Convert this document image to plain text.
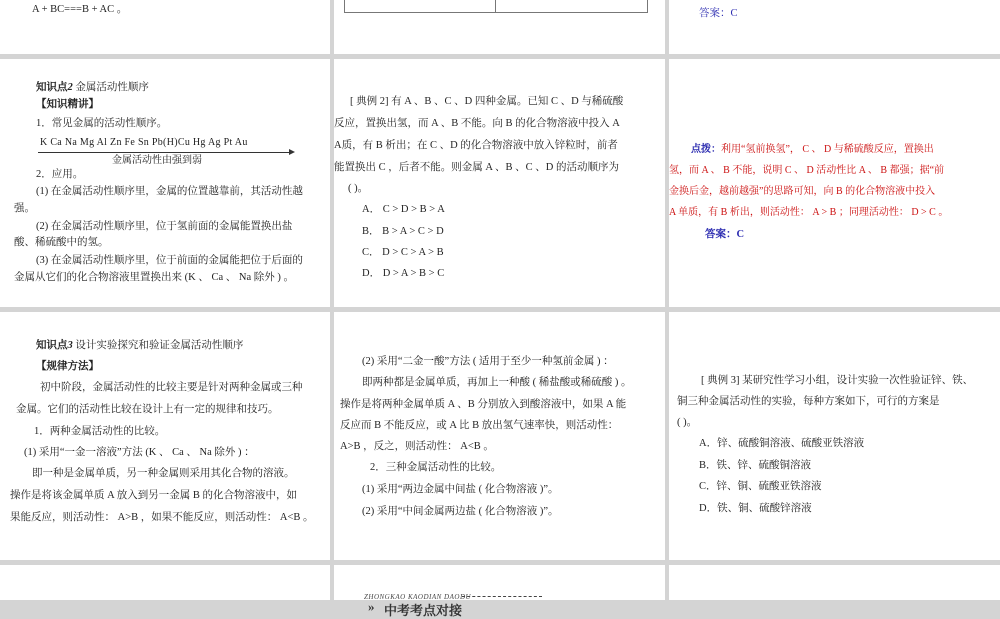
A + BC===B + AC 。	答案：C
知识点2 金属活动性顺序
【知识精讲】
1．常见金属的活动性顺序。
K Ca Na Mg Al Zn Fe Sn Pb(H)Cu Hg Ag Pt Au
金属活动性由强到弱
2．应用。
(1) 在金属活动性顺序里，金属的位置越靠前，其活动性越
强。
(2) 在金属活动性顺序里，位于氢前面的金属能置换出盐
酸、稀硫酸中的氢。
(3) 在金属活动性顺序里，位于前面的金属能把位于后面的
金属从它们的化合物溶液里置换出来 (K 、 Ca 、 Na 除外 ) 。
[ 典例 2] 有 A 、B 、C 、D 四种金属。已知 C 、D 与稀硫酸
反应，置换出氢，而 A 、B 不能。向 B 的化合物溶液中投入 A
A质，有 B 析出；在 C 、D 的化合物溶液中放入锌粒时，前者
能置换出 C ，后者不能。则金属 A 、B 、C 、D 的活动顺序为
( )。
A． C > D > B > A
B． B > A > C > D
C． D > C > A > B
D． D > A > B > C
点拨：利用“氢前换氢”， C 、 D 与稀硫酸反应，置换出
氢，而 A 、 B 不能，说明 C 、 D 活动性比 A 、 B 都强；据“前
金换后金，越前越强”的思路可知，向 B 的化合物溶液中投入
A 单质，有 B 析出，则活动性： A > B ；同理活动性： D > C 。
答案：C
知识点3 设计实验探究和验证金属活动性顺序
【规律方法】
初中阶段，金属活动性的比较主要是针对两种金属或三种
金属。它们的活动性比较在设计上有一定的规律和技巧。
1．两种金属活动性的比较。
(1) 采用“一金一溶液”方法 (K 、 Ca 、 Na 除外 ) ：
即一种是金属单质，另一种金属则采用其化合物的溶液。
操作是将该金属单质 A 放入到另一金属 B 的化合物溶液中，如
果能反应，则活动性： A>B ，如果不能反应，则活动性： A<B 。
(2) 采用“二金一酸”方法 ( 适用于至少一种氢前金属 ) ：
即两种都是金属单质，再加上一种酸 ( 稀盐酸或稀硫酸 ) 。
操作是将两种金属单质 A 、B 分别放入到酸溶液中，如果 A 能
反应而 B 不能反应，或 A 比 B 放出氢气速率快，则活动性：
A>B ，反之，则活动性： A<B 。
2．三种金属活动性的比较。
(1) 采用“两边金属中间盐 ( 化合物溶液 )”。
(2) 采用“中间金属两边盐 ( 化合物溶液 )”。
[ 典例 3] 某研究性学习小组，设计实验一次性验证锌、铁、
铜三种金属活动性的实验，每种方案如下，可行的方案是
( )。
A．锌、硫酸铜溶液、硫酸亚铁溶液
B．铁、锌、硫酸铜溶液
C．锌、铜、硫酸亚铁溶液
D．铁、铜、硫酸锌溶液
ZHONGKAO KAODIAN DAODU
» 中考考点对接
